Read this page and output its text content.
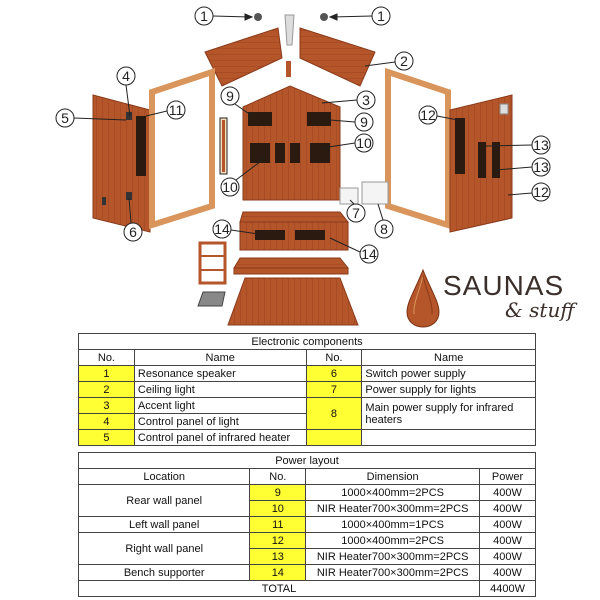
1	1
2
3
4
5
6
7
8
9
9
10
10
11	12
12
13
13
14
14
SAUNAS
& stuff
Electronic components			
No.	Name	No.	Name
1	Resonance speaker	6	Switch power supply
2	Ceiling light	7	Power supply for lights
3	Accent light	8	Main power supply for infrared heaters
4	Control panel of light		
5	Control panel of infrared heater		
Power layout			
Location	No.	Dimension	Power
Rear wall panel	9	1000×400mm=2PCS	400W
	10	NIR Heater700×300mm=2PCS	400W
Left wall panel	11	1000×400mm=1PCS	400W
Right wall panel	12	1000×400mm=2PCS	400W
	13	NIR Heater700×300mm=2PCS	400W
Bench supporter	14	NIR Heater700×300mm=2PCS	400W
TOTAL			4400W
